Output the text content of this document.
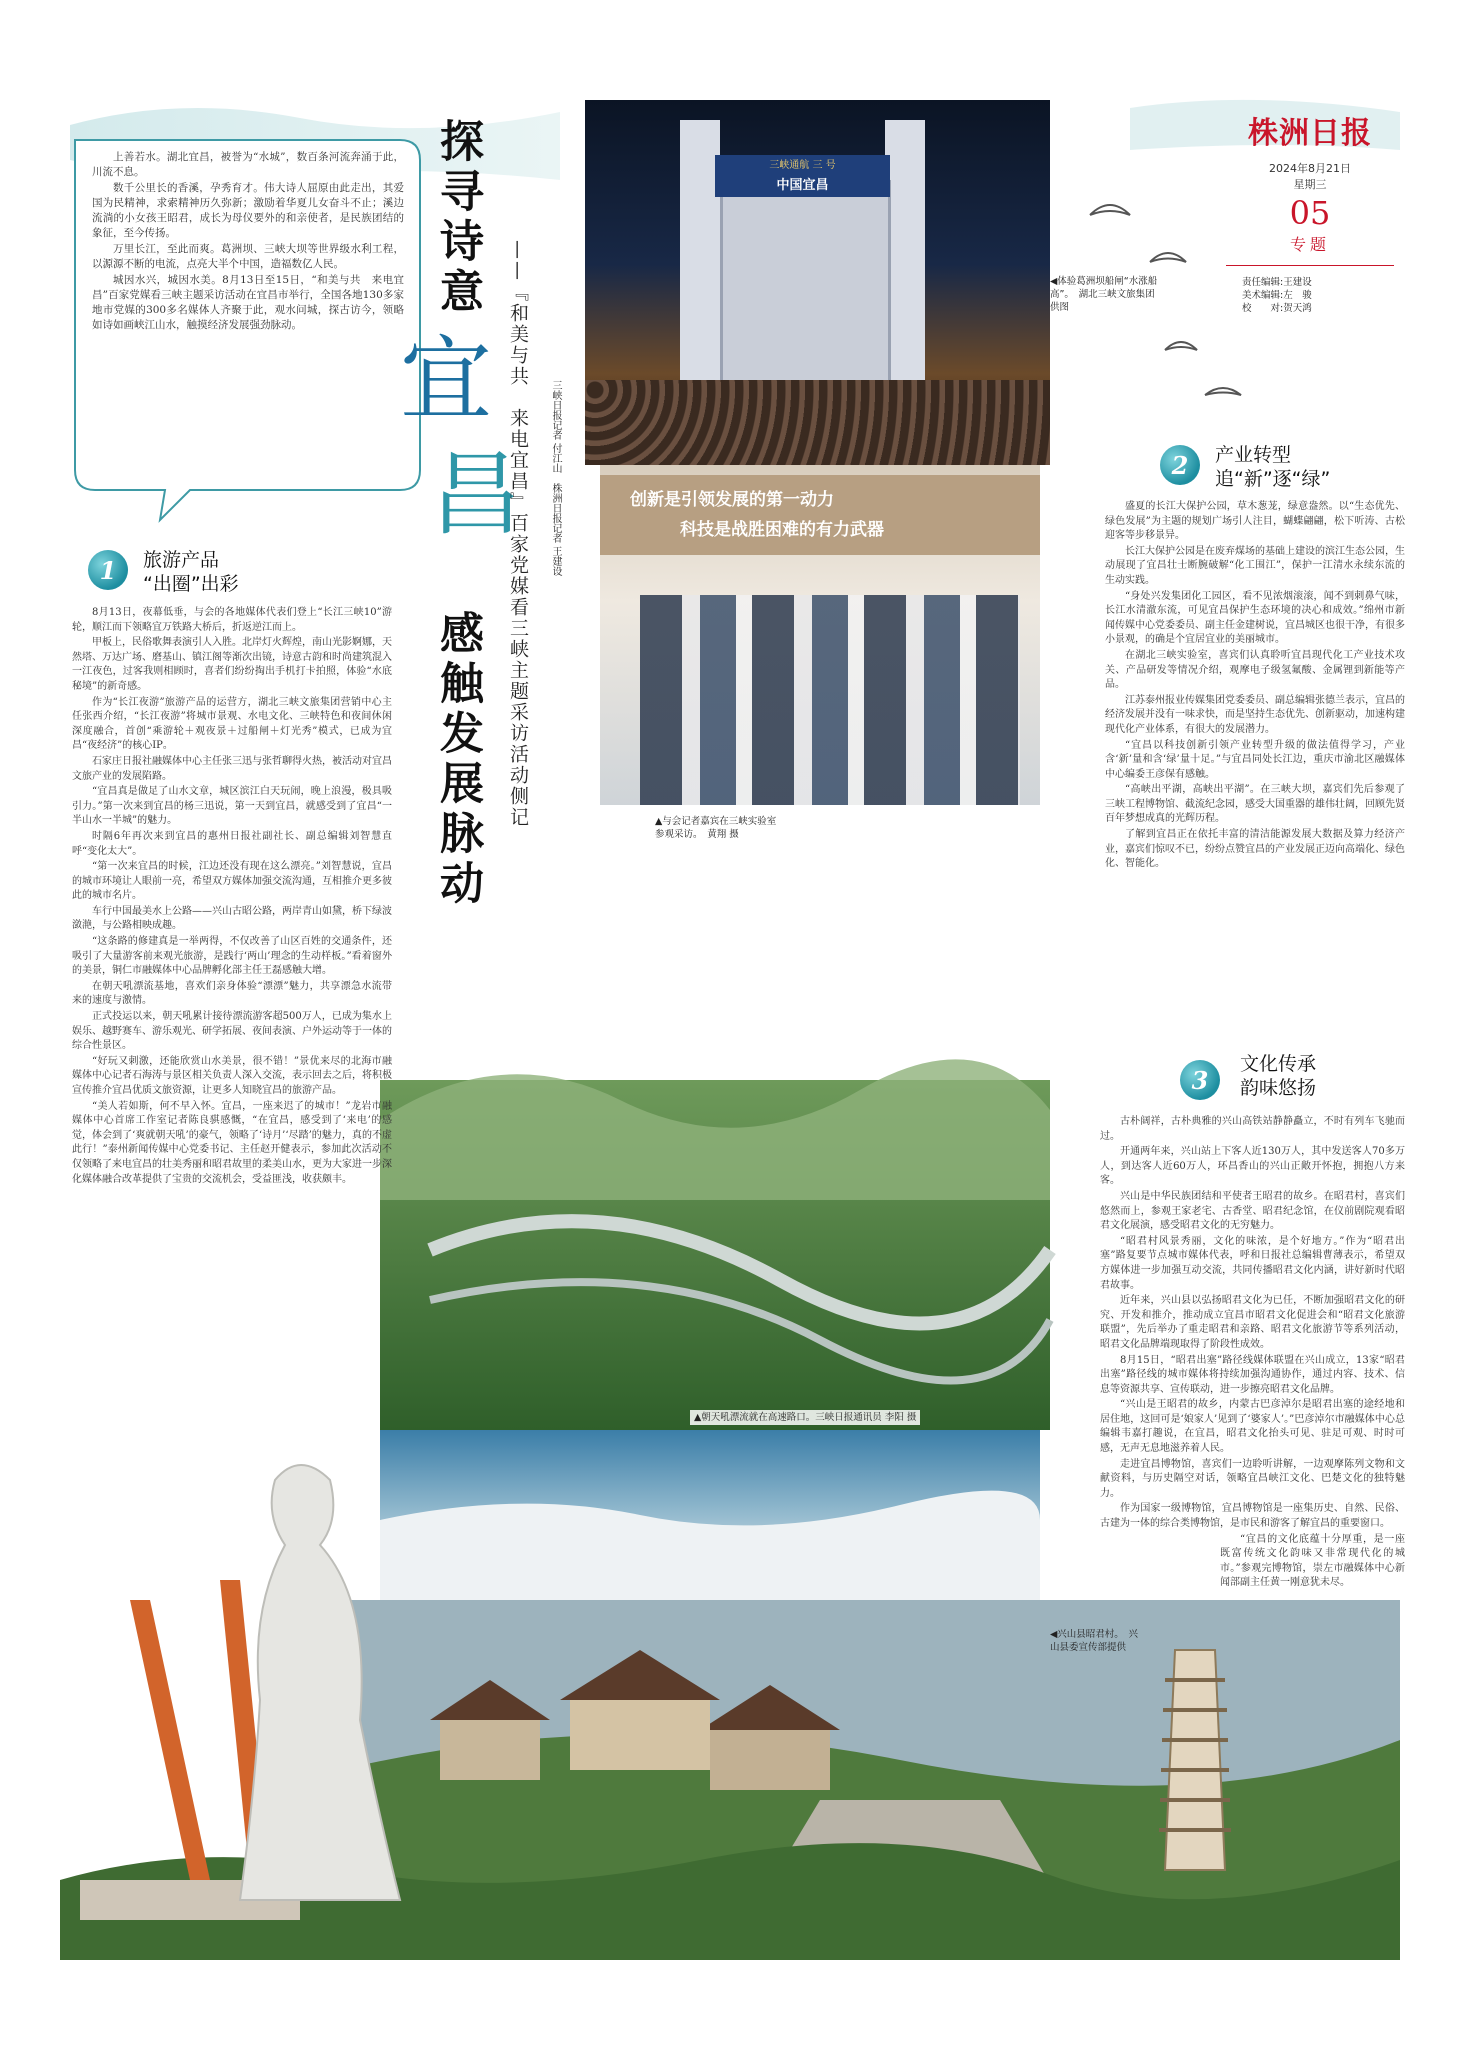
株洲日报
2024年8月21日
星期三
05
专题
责任编辑:王建设
美术编辑:左　骏
校　　对:贺天鸿
探寻诗意
宜
昌
感触发展脉动	——『和美与共　来电宜昌』百家党媒看三峡主题采访活动侧记	三峡日报记者 付江山　株洲日报记者 王建设

上善若水。湖北宜昌，被誉为“水城”，数百条河流奔涌于此，川流不息。

数千公里长的香溪，孕秀育才。伟大诗人屈原由此走出，其爱国为民精神，求索精神历久弥新；激励着华夏儿女奋斗不止；溪边流淌的小女孩王昭君，成长为母仪要外的和亲使者，是民族团结的象征，至今传扬。

万里长江，至此而爽。葛洲坝、三峡大坝等世界级水利工程，以源源不断的电流，点亮大半个中国，造福数亿人民。

城因水兴，城因水美。8月13日至15日，“和美与共　来电宜昌”百家党媒看三峡主题采访活动在宜昌市举行，全国各地130多家地市党媒的300多名媒体人齐聚于此，观水问城，探古访今，领略如诗如画峡江山水，触摸经济发展强劲脉动。

三峡通航 三 号
中国宜昌
◀体验葛洲坝船闸“水涨船高”。　湖北三峡文旅集团供图
创新是引领发展的第一动力
科技是战胜困难的有力武器
▲与会记者嘉宾在三峡实验室参观采访。　黄翔 摄
1	旅游产品
“出圈”出彩

8月13日，夜幕低垂，与会的各地媒体代表们登上“长江三峡10”游轮，顺江而下领略宜万铁路大桥后，折返逆江而上。

甲板上，民俗歌舞表演引人入胜。北岸灯火辉煌，南山光影婀娜，天然塔、万达广场、磨基山、镇江阁等渐次出镜，诗意古韵和时尚建筑混入一江夜色，过客我则相顾时，喜者们纷纷掏出手机打卡拍照，体验“水底秘境”的新奇感。

作为“长江夜游”旅游产品的运营方，湖北三峡文旅集团营销中心主任张西介绍，“长江夜游”将城市景观、水电文化、三峡特色和夜间休闲深度融合，首创“乘游轮＋观夜景＋过船闸＋灯光秀”模式，已成为宜昌“夜经济”的核心IP。

石家庄日报社融媒体中心主任张三迅与张哲聊得火热，被活动对宜昌文旅产业的发展陷路。

“宜昌真是做足了山水文章，城区滨江白天玩闹，晚上浪漫，极具吸引力。”第一次来到宜昌的杨三迅说，第一天到宜昌，就感受到了宜昌“一半山水一半城”的魅力。

时隔6年再次来到宜昌的惠州日报社副社长、副总编辑刘智慧直呼“变化太大”。

“第一次来宜昌的时候，江边还没有现在这么漂亮。”刘智慧说，宜昌的城市环境让人眼前一亮，希望双方媒体加强交流沟通，互相推介更多彼此的城市名片。

车行中国最美水上公路——兴山古昭公路，两岸青山如黛，桥下绿波潋滟，与公路相映成趣。

“这条路的修建真是一举两得，不仅改善了山区百姓的交通条件，还吸引了大量游客前来观光旅游，是践行‘两山’理念的生动样板。”看着窗外的美景，铜仁市融媒体中心品牌孵化部主任王磊感触大增。

在朝天吼漂流基地，喜欢们亲身体验“漂漂”魅力，共享漂急水流带来的速度与激情。

正式投运以来，朝天吼累计接待漂流游客超500万人，已成为集水上娱乐、越野赛车、游乐观光、研学拓展、夜间表演、户外运动等于一体的综合性景区。

“好玩又刺激，还能欣赏山水美景，很不错！”景优来尽的北海市融媒体中心记者石海涛与景区相关负责人深入交流，表示回去之后，将积极宣传推介宜昌优质文旅资源，让更多人知晓宜昌的旅游产品。

“美人若如斯，何不早入怀。宜昌，一座来迟了的城市！”龙岩市融媒体中心首席工作室记者陈良骐感慨，“在宜昌，感受到了‘来电’的感觉，体会到了‘爽就朝天吼’的豪气，领略了‘诗月’‘尽踏’的魅力，真的不虚此行！”泰州新闻传媒中心党委书记、主任赵开健表示，参加此次活动不仅领略了来电宜昌的壮美秀丽和昭君故里的柔美山水，更为大家进一步深化媒体融合改革提供了宝贵的交流机会，受益匪浅，收获颇丰。

2	产业转型
追“新”逐“绿”

盛夏的长江大保护公园，草木葱茏，绿意盎然。以“生态优先、绿色发展”为主题的规划广场引人注目，蝴蝶翩翩，松下听涛、古松迎客等步移景异。

长江大保护公园是在废弃煤场的基础上建设的滨江生态公园，生动展现了宜昌壮士断腕破解“化工围江”，保护一江清水永续东流的生动实践。

“身处兴发集团化工园区，看不见浓烟滚滚，闻不到刺鼻气味，长江水清澈东流，可见宜昌保护生态环境的决心和成效。”绵州市新闻传媒中心党委委员、副主任金建树说，宜昌城区也很干净，有很多小景观，的确是个宜居宜业的美丽城市。

在湖北三峡实验室，喜宾们认真聆听宜昌现代化工产业技术攻关、产品研发等情况介绍，观摩电子级氢氟酸、金属锂到新能等产品。

江苏泰州报业传媒集团党委委员、副总编辑张德兰表示，宜昌的经济发展并没有一味求快，而是坚持生态优先、创新驱动，加速构建现代化产业体系，有很大的发展潜力。

“宜昌以科技创新引领产业转型升级的做法值得学习，产业含‘新’量和含‘绿’量十足。”与宜昌同处长江边，重庆市渝北区融媒体中心编委王彦保有感触。

“高峡出平湖，高峡出平湖”。在三峡大坝，嘉宾们先后参观了三峡工程博物馆、截流纪念园，感受大国重器的雄伟壮阔，回顾先贤百年梦想成真的光辉历程。

了解到宜昌正在依托丰富的清洁能源发展大数据及算力经济产业，嘉宾们惊叹不已，纷纷点赞宜昌的产业发展正迈向高端化、绿色化、智能化。

3
文化传承
韵味悠扬

古朴阔祥，古朴典雅的兴山高铁站静静矗立，不时有列车飞驰而过。

开通两年来，兴山站上下客人近130万人，其中发送客人70多万人，到达客人近60万人，环昌香山的兴山正敞开怀抱，拥抱八方来客。

兴山是中华民族团结和平使者王昭君的故乡。在昭君村，喜宾们悠然而上，参观王家老宅、古香堂、昭君纪念馆，在仪前剧院观看昭君文化展演，感受昭君文化的无穷魅力。

“昭君村风景秀丽，文化的味浓，是个好地方。”作为“昭君出塞”路复要节点城市媒体代表，呼和日报社总编辑曹薄表示，希望双方媒体进一步加强互动交流，共同传播昭君文化内涵，讲好新时代昭君故事。

近年来，兴山县以弘扬昭君文化为已任，不断加强昭君文化的研究、开发和推介，推动成立宜昌市昭君文化促进会和“昭君文化旅游联盟”，先后举办了重走昭君和亲路、昭君文化旅游节等系列活动，昭君文化品牌端现取得了阶段性成效。

8月15日，“昭君出塞”路径线媒体联盟在兴山成立，13家“昭君出塞”路径线的城市媒体将持续加强沟通协作，通过内容、技术、信息等资源共享、宣传联动，进一步擦亮昭君文化品牌。

“兴山是王昭君的故乡，内蒙古巴彦淖尔是昭君出塞的途经地和居住地，这回可是‘娘家人’见到了‘婆家人’。”巴彦淖尔市融媒体中心总编辑韦嘉打趣说，在宜昌，昭君文化抬头可见、驻足可观、时时可感，无声无息地滋养着人民。

走进宜昌博物馆，喜宾们一边聆听讲解，一边观摩陈列文物和文献资料，与历史隔空对话，领略宜昌峡江文化、巴楚文化的独特魅力。

作为国家一级博物馆，宜昌博物馆是一座集历史、自然、民俗、古建为一体的综合类博物馆，是市民和游客了解宜昌的重要窗口。

“宜昌的文化底蕴十分厚重，是一座既富传统文化韵味又非常现代化的城市。”参观完博物馆，崇左市融媒体中心新闻部副主任黄一刚意犹未尽。

▲朝天吼漂流就在高速路口。三峡日报通讯员 李阳 摄
◀兴山县昭君村。　兴山县委宣传部提供
